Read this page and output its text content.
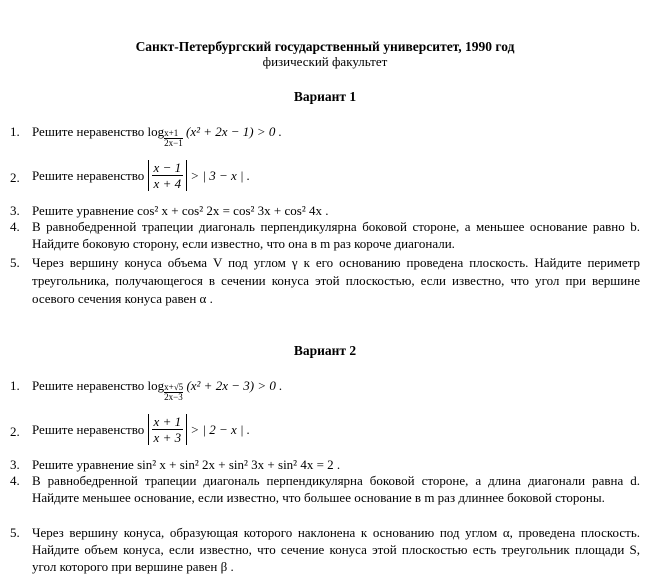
Санкт-Петербургский государственный университет, 1990 год
физический факультет
Вариант 1
1. Решите неравенство $\log \frac{x+1}{2x-1} (x^2 + 2x - 1) > 0$ .
2. Решите неравенство $\frac{x - 1}{x + 4}$ > | 3 − x | .
3. Решите уравнение cos² x + cos² 2x = cos² 3x + cos² 4x .
4. В равнобедренной трапеции диагональ перпендикулярна боковой стороне, а меньшее основание равно b. Найдите боковую сторону, если известно, что она в m раз короче диагонали.
5. Через вершину конуса объема V под углом γ к его основанию проведена плоскость. Найдите периметр треугольника, получающегося в сечении конуса этой плоскостью, если известно, что угол при вершине осевого сечения конуса равен α .
Вариант 2
1. Решите неравенство $\log \frac{x+√5}{2x-3} (x^2 + 2x - 3) > 0$ .
2. Решите неравенство $\frac{x + 1}{x + 3}$ > | 2 − x | .
3. Решите уравнение sin² x + sin² 2x + sin² 3x + sin² 4x = 2 .
4. В равнобедренной трапеции диагональ перпендикулярна боковой стороне, а длина диагонали равна d. Найдите меньшее основание, если известно, что большее основание в m раз длиннее боковой стороны.
5. Через вершину конуса, образующая которого наклонена к основанию под углом α, проведена плоскость. Найдите объем конуса, если известно, что сечение конуса этой плоскостью есть треугольник площади S, угол которого при вершине равен β .
